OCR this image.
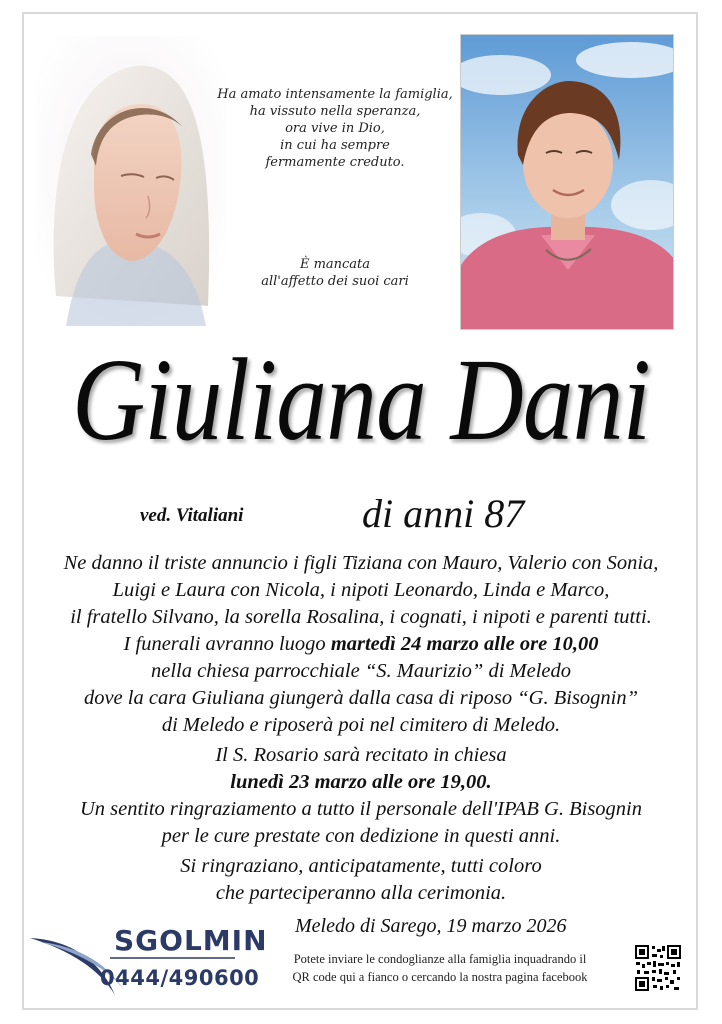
Ha amato intensamente la famiglia,
ha vissuto nella speranza,
ora vive in Dio,
in cui ha sempre
fermamente creduto.
È mancata
all'affetto dei suoi cari
Giuliana Dani
ved. Vitaliani	di anni 87
Ne danno il triste annuncio i figli Tiziana con Mauro, Valerio con Sonia,
Luigi e Laura con Nicola, i nipoti Leonardo, Linda e Marco,
il fratello Silvano, la sorella Rosalina, i cognati, i nipoti e parenti tutti.
I funerali avranno luogo martedì 24 marzo alle ore 10,00
nella chiesa parrocchiale “S. Maurizio” di Meledo
dove la cara Giuliana giungerà dalla casa di riposo “G. Bisognin”
di Meledo e riposerà poi nel cimitero di Meledo.
Il S. Rosario sarà recitato in chiesa
lunedì 23 marzo alle ore 19,00.
Un sentito ringraziamento a tutto il personale dell'IPAB G. Bisognin
per le cure prestate con dedizione in questi anni.
Si ringraziano, anticipatamente, tutti coloro
che parteciperanno alla cerimonia.
Meledo di Sarego, 19 marzo 2026
SGOLMIN
0444/490600
Potete inviare le condoglianze alla famiglia inquadrando il
QR code qui a fianco o cercando la nostra pagina facebook
